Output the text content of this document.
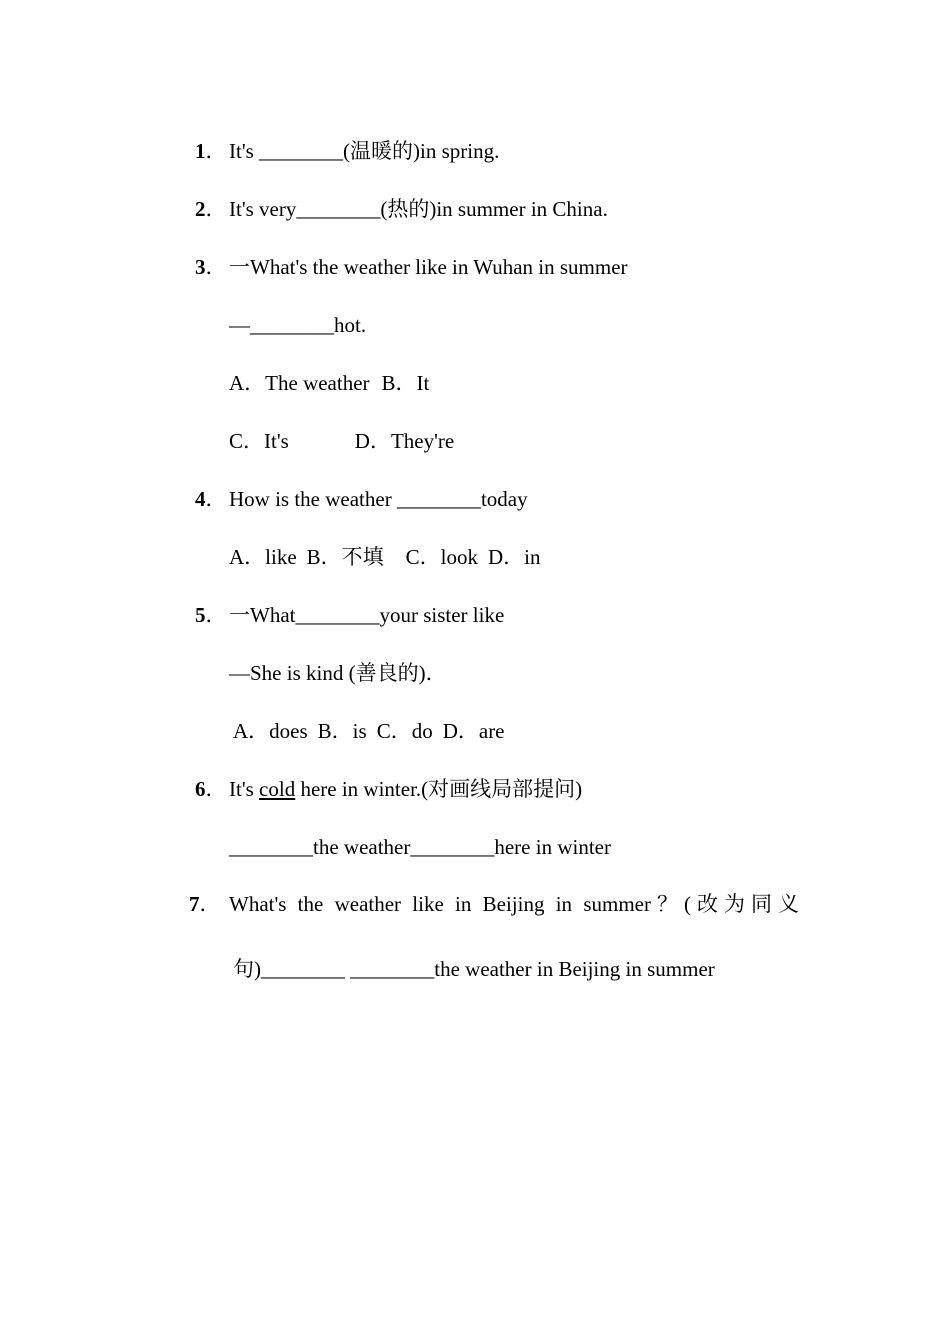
1． It's ________(温暖的)in spring.
2． It's very________(热的)in summer in China.
3． 一What's the weather like in Wuhan in summer
—________hot.
A．The weather B．It
C．It's	D．They're
4． How is the weather ________today
A．like B．不填 C．look D．in
5． 一What________your sister like
—She is kind (善良的)．
A．does B．is C．do D．are
6． It's cold here in winter.(对画线局部提问)
________the weather________here in winter
7． What's the weather like in Beijing in summer？(改为同义
句)________ ________the weather in Beijing in summer
